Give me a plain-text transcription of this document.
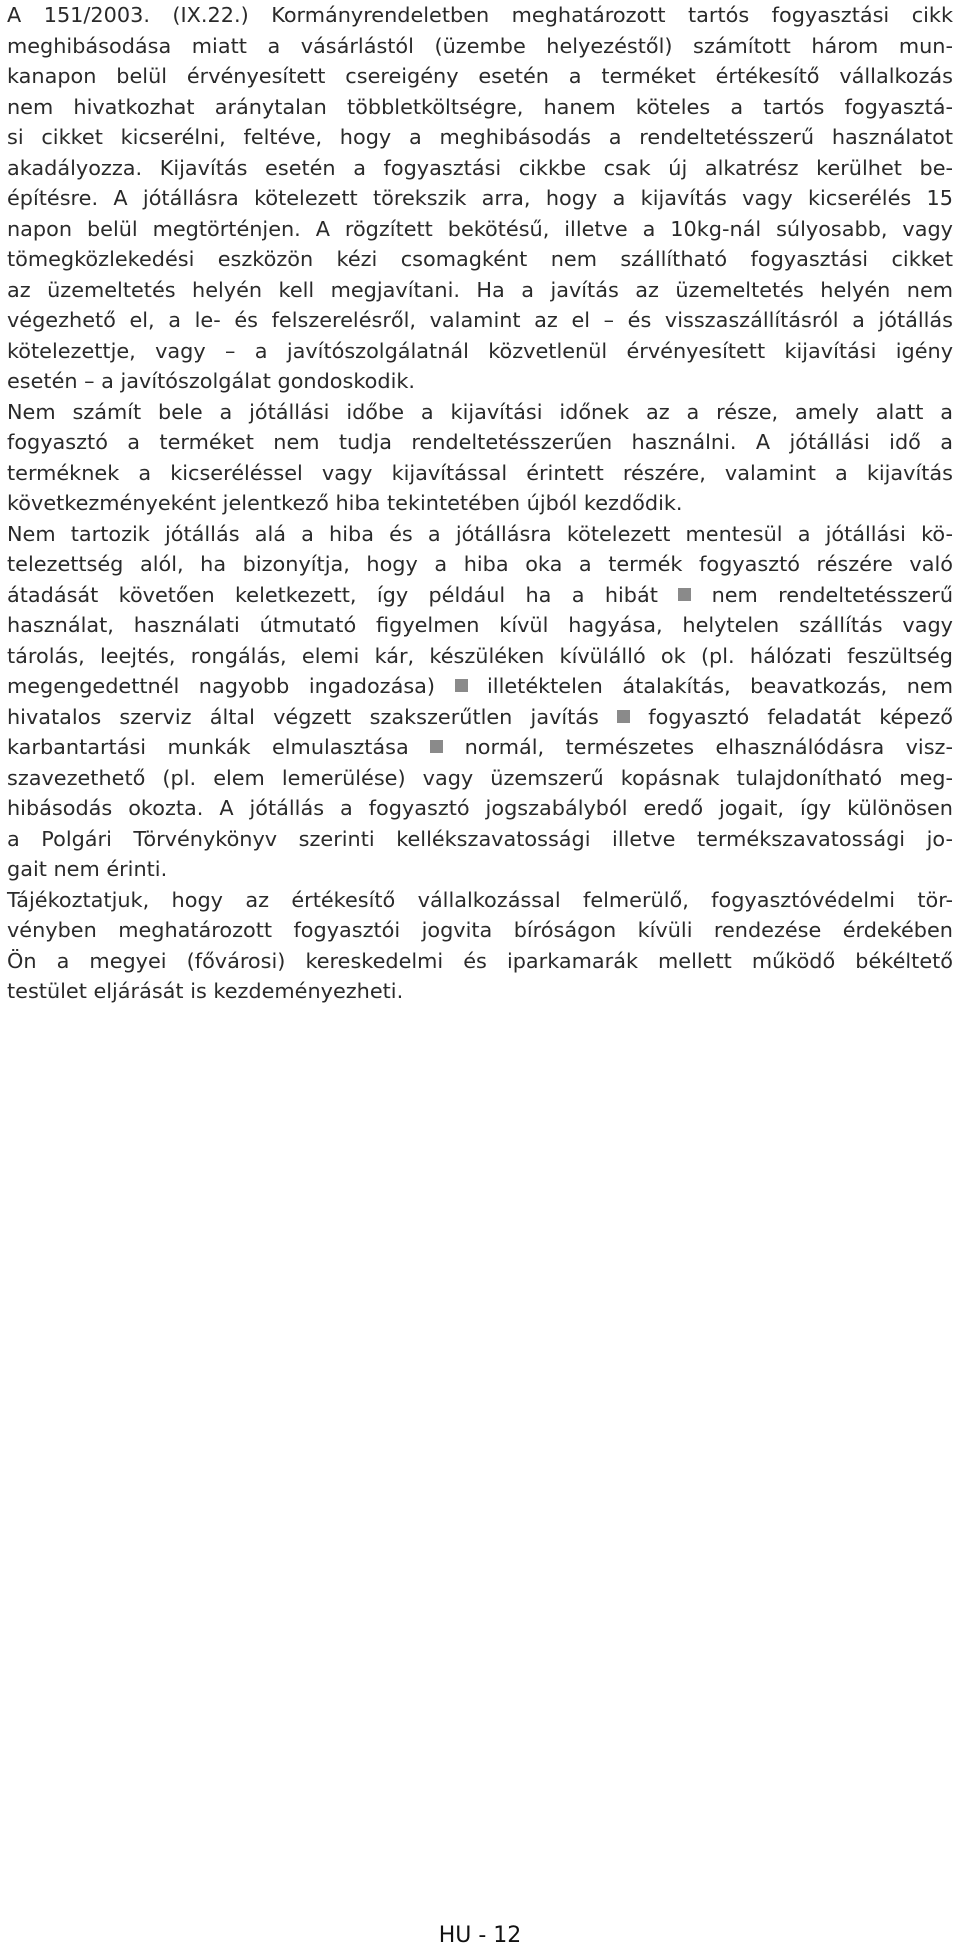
A 151/2003. (IX.22.) Kormányrendeletben meghatározott tartós fogyasztási cikk
meghibásodása miatt a vásárlástól (üzembe helyezéstől) számított három mun-
kanapon belül érvényesített csereigény esetén a terméket értékesítő vállalkozás
nem hivatkozhat aránytalan többletköltségre, hanem köteles a tartós fogyasztá-
si cikket kicserélni, feltéve, hogy a meghibásodás a rendeltetésszerű használatot
akadályozza. Kijavítás esetén a fogyasztási cikkbe csak új alkatrész kerülhet be-
építésre. A jótállásra kötelezett törekszik arra, hogy a kijavítás vagy kicserélés 15
napon belül megtörténjen. A rögzített bekötésű, illetve a 10kg-nál súlyosabb, vagy
tömegközlekedési eszközön kézi csomagként nem szállítható fogyasztási cikket
az üzemeltetés helyén kell megjavítani. Ha a javítás az üzemeltetés helyén nem
végezhető el, a le- és felszerelésről, valamint az el – és visszaszállításról a jótállás
kötelezettje, vagy – a javítószolgálatnál közvetlenül érvényesített kijavítási igény
esetén – a javítószolgálat gondoskodik.
Nem számít bele a jótállási időbe a kijavítási időnek az a része, amely alatt a
fogyasztó a terméket nem tudja rendeltetésszerűen használni. A jótállási idő a
terméknek a kicseréléssel vagy kijavítással érintett részére, valamint a kijavítás
következményeként jelentkező hiba tekintetében újból kezdődik.
Nem tartozik jótállás alá a hiba és a jótállásra kötelezett mentesül a jótállási kö-
telezettség alól, ha bizonyítja, hogy a hiba oka a termék fogyasztó részére való
átadását követően keletkezett, így például ha a hibát	nem rendeltetésszerű
használat, használati útmutató figyelmen kívül hagyása, helytelen szállítás vagy
tárolás, leejtés, rongálás, elemi kár, készüléken kívülálló ok (pl. hálózati feszültség
megengedettnél nagyobb ingadozása)	illetéktelen átalakítás, beavatkozás, nem
hivatalos szerviz által végzett szakszerűtlen javítás fogyasztó feladatát képező
karbantartási munkák elmulasztása	normál, természetes elhasználódásra visz-
szavezethető (pl. elem lemerülése) vagy üzemszerű kopásnak tulajdonítható meg-
hibásodás okozta. A jótállás a fogyasztó jogszabályból eredő jogait, így különösen
a Polgári Törvénykönyv szerinti kellékszavatossági illetve termékszavatossági jo-
gait nem érinti.
Tájékoztatjuk, hogy az értékesítő vállalkozással felmerülő, fogyasztóvédelmi tör-
vényben meghatározott fogyasztói jogvita bíróságon kívüli rendezése érdekében
Ön a megyei (fővárosi) kereskedelmi és iparkamarák mellett működő békéltető
testület eljárását is kezdeményezheti.
HU - 12
